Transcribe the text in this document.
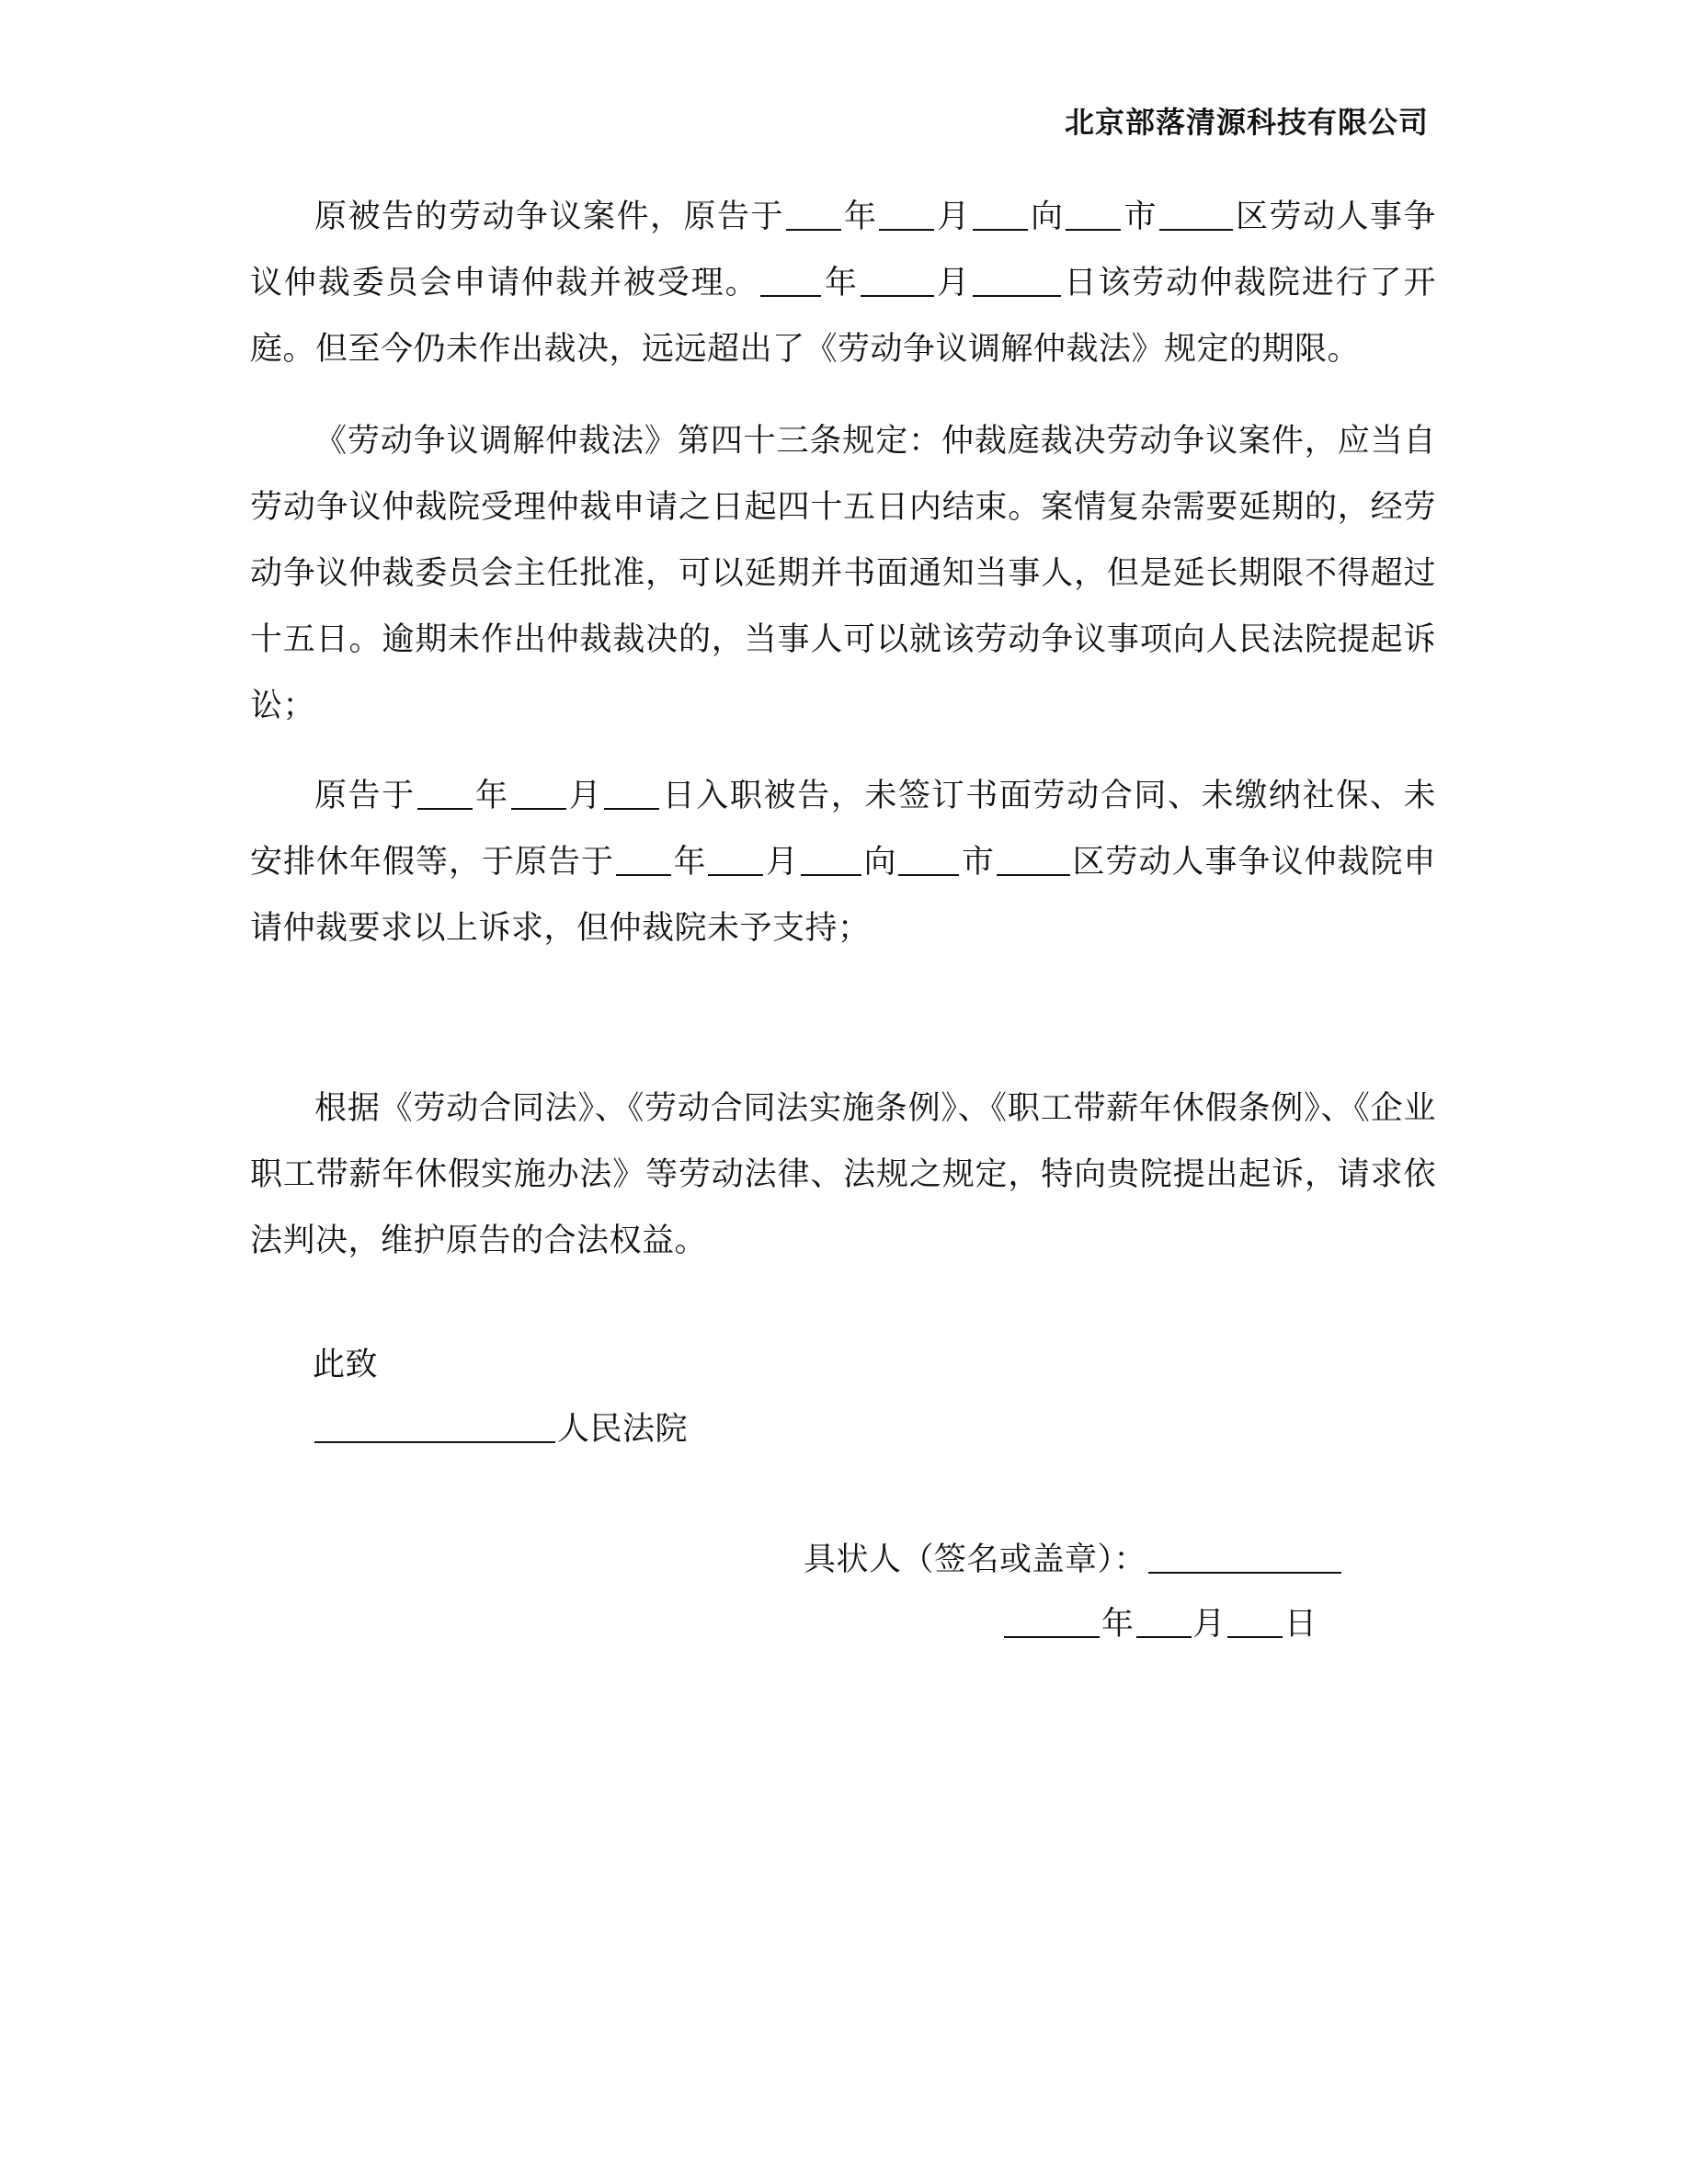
北京部落清源科技有限公司

原被告的劳动争议案件，原告于 年 月 向 市 区劳动人事争议仲裁委员会申请仲裁并被受理。 年 月	日该劳动仲裁院进行了开庭。但至今仍未作出裁决，远远超出了《劳动争议调解仲裁法》规定的期限。

《劳动争议调解仲裁法》第四十三条规定：仲裁庭裁决劳动争议案件，应当自劳动争议仲裁院受理仲裁申请之日起四十五日内结束。案情复杂需要延期的，经劳动争议仲裁委员会主任批准，可以延期并书面通知当事人，但是延长期限不得超过十五日。逾期未作出仲裁裁决的，当事人可以就该劳动争议事项向人民法院提起诉讼；

原告于 年 月 日入职被告，未签订书面劳动合同、未缴纳社保、未安排休年假等，于原告于 年 月 向 市 区劳动人事争议仲裁院申请仲裁要求以上诉求，但仲裁院未予支持；

根据《劳动合同法》、《劳动合同法实施条例》、《职工带薪年休假条例》、《企业职工带薪年休假实施办法》等劳动法律、法规之规定，特向贵院提出起诉，请求依法判决，维护原告的合法权益。

此致
人民法院
具状人（签名或盖章）：
年 月 日
